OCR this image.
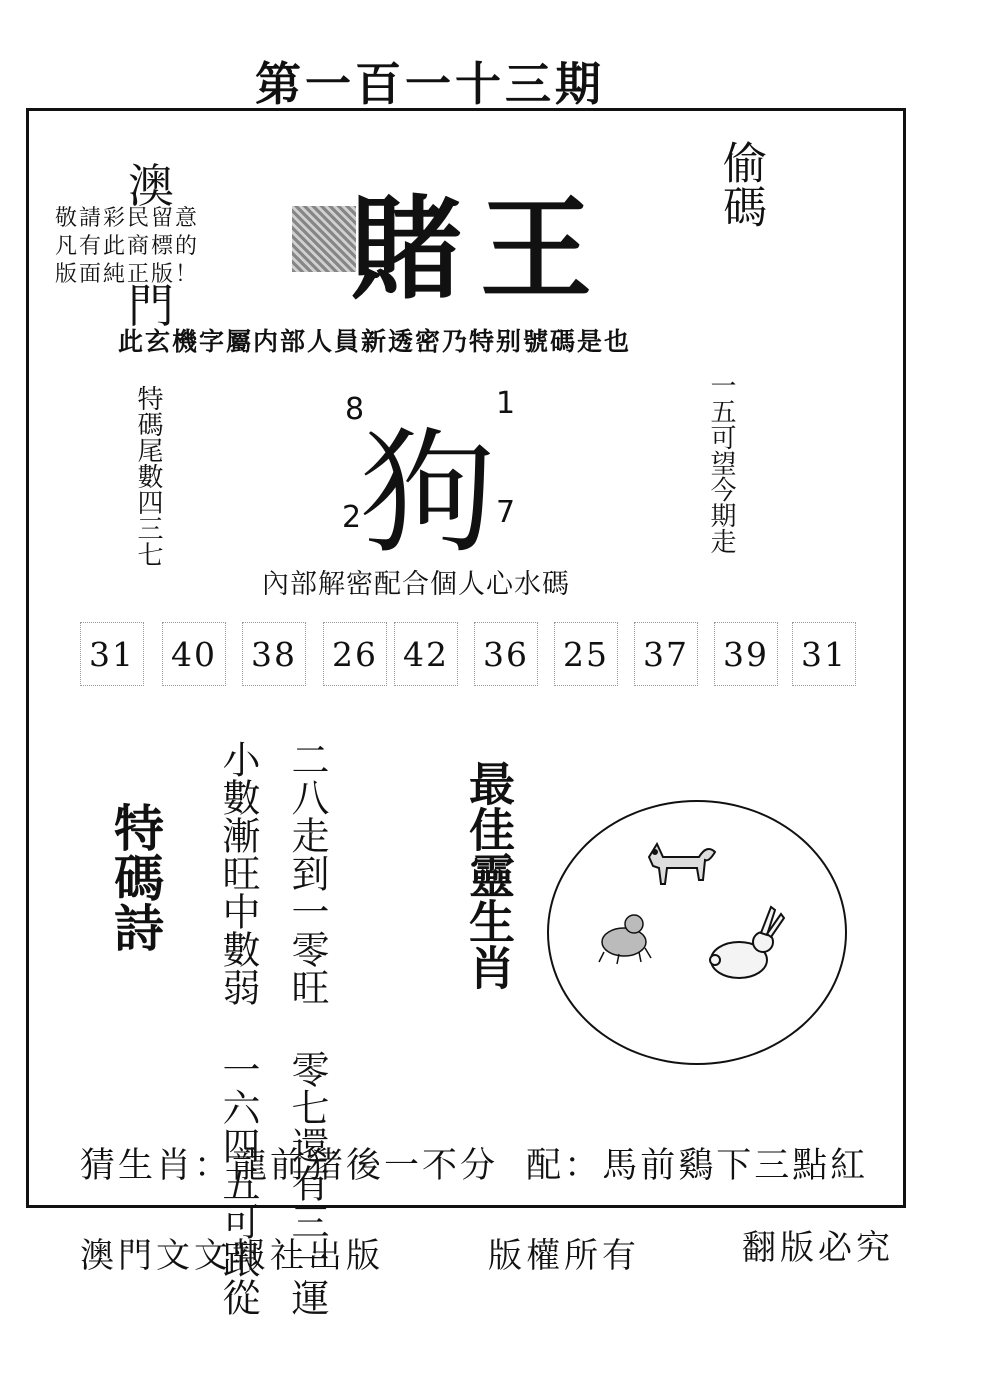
第一百一十三期
澳
門
敬請彩民留意
凡有此商標的
版面純正版！	賭王
偷碼
此玄機字屬内部人員新透密乃特别號碼是也
特碼尾數四三七	一五可望今期走
狗
8	1
2	7
內部解密配合個人心水碼
31 40 38 26 42 36 25 37 39 31
特碼詩	二八走到一零旺 零七還有三一運 小數漸旺中數弱 一六四五可跟從
最佳靈生肖
猜生肖：龍前猪後一不分 配：馬前鷄下三點紅
澳門文文報社出版	版權所有	翻版必究
